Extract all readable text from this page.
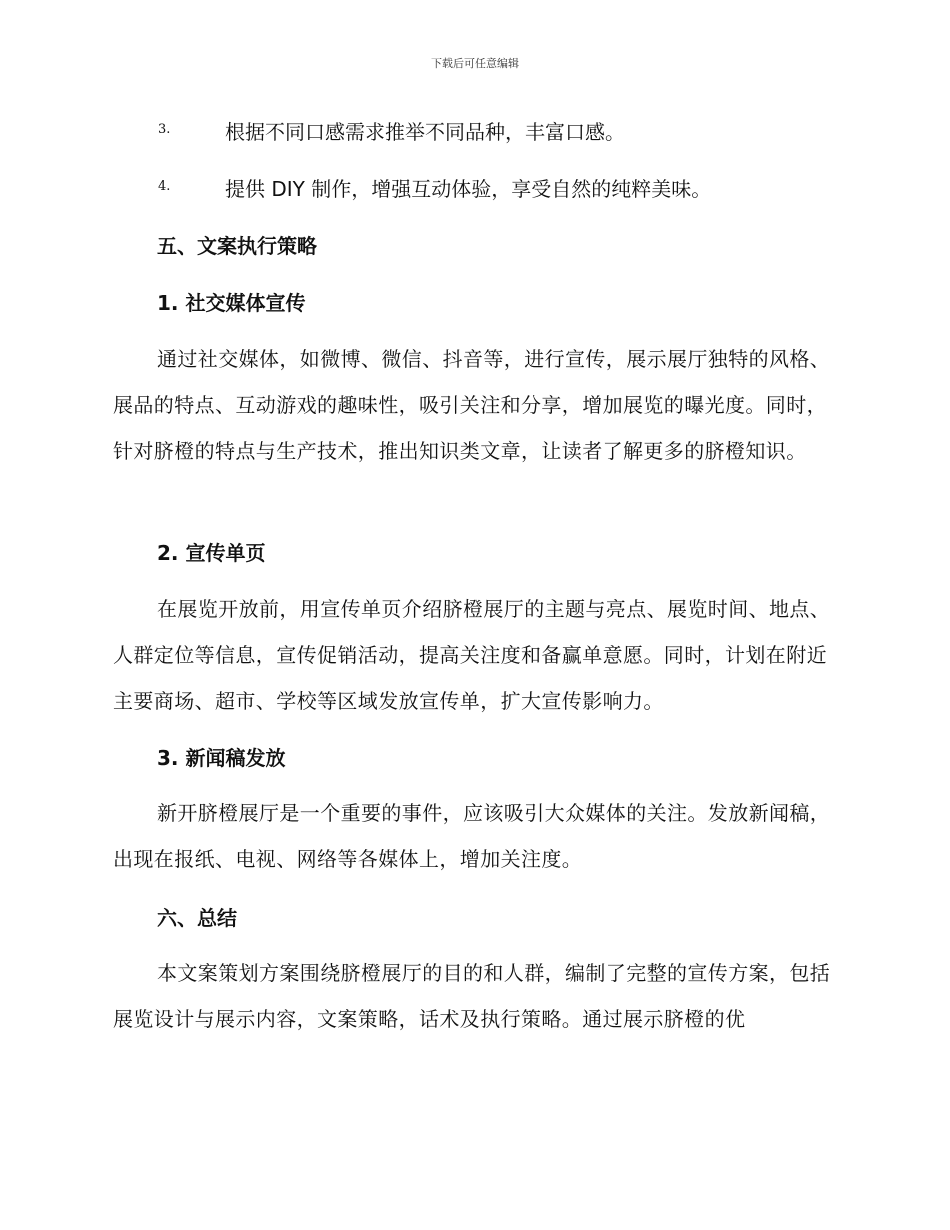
下载后可任意编辑
3.	根据不同口感需求推举不同品种，丰富口感。
4.	提供 DIY 制作，增强互动体验，享受自然的纯粹美味。
五、文案执行策略
1. 社交媒体宣传

通过社交媒体，如微博、微信、抖音等，进行宣传，展示展厅独特的风格、展品的特点、互动游戏的趣味性，吸引关注和分享，增加展览的曝光度。同时，针对脐橙的特点与生产技术，推出知识类文章，让读者了解更多的脐橙知识。

2. 宣传单页

在展览开放前，用宣传单页介绍脐橙展厅的主题与亮点、展览时间、地点、人群定位等信息，宣传促销活动，提高关注度和备赢单意愿。同时，计划在附近主要商场、超市、学校等区域发放宣传单，扩大宣传影响力。

3. 新闻稿发放

新开脐橙展厅是一个重要的事件，应该吸引大众媒体的关注。发放新闻稿，出现在报纸、电视、网络等各媒体上，增加关注度。

六、总结

本文案策划方案围绕脐橙展厅的目的和人群，编制了完整的宣传方案，包括展览设计与展示内容，文案策略，话术及执行策略。通过展示脐橙的优
